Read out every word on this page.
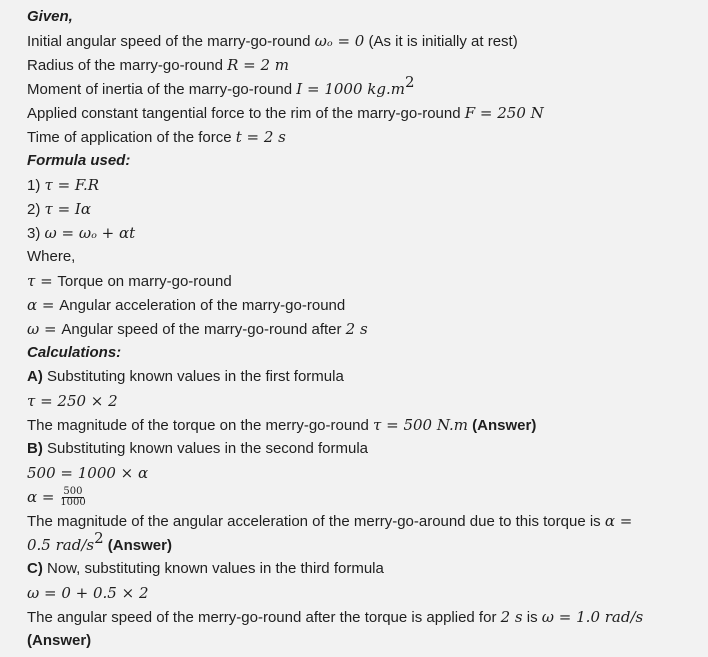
Given,
Initial angular speed of the marry-go-round ωₒ = 0 (As it is initially at rest)
Radius of the marry-go-round R = 2 m
Moment of inertia of the marry-go-round I = 1000 $kg.m^2$
Applied constant tangential force to the rim of the marry-go-round F = 250 N
Time of application of the force t = 2 s
Formula used:
1) τ = F.R
2) τ = Iα
3) ω = ωₒ + αt
Where,
τ = Torque on marry-go-round
α = Angular acceleration of the marry-go-round
ω = Angular speed of the marry-go-round after 2 s
Calculations:
A) Substituting known values in the first formula
τ = 250 × 2
The magnitude of the torque on the merry-go-round τ = 500 N.m (Answer)
B) Substituting known values in the second formula
500 = 1000 × α
$\alpha = \frac{500}{1000}$
The magnitude of the angular acceleration of the merry-go-around due to this torque is α =
0.5 rad/$s^2$ (Answer)
C) Now, substituting known values in the third formula
ω = 0 + 0.5 × 2
The angular speed of the merry-go-round after the torque is applied for 2 s is ω = 1.0 rad/s
(Answer)
